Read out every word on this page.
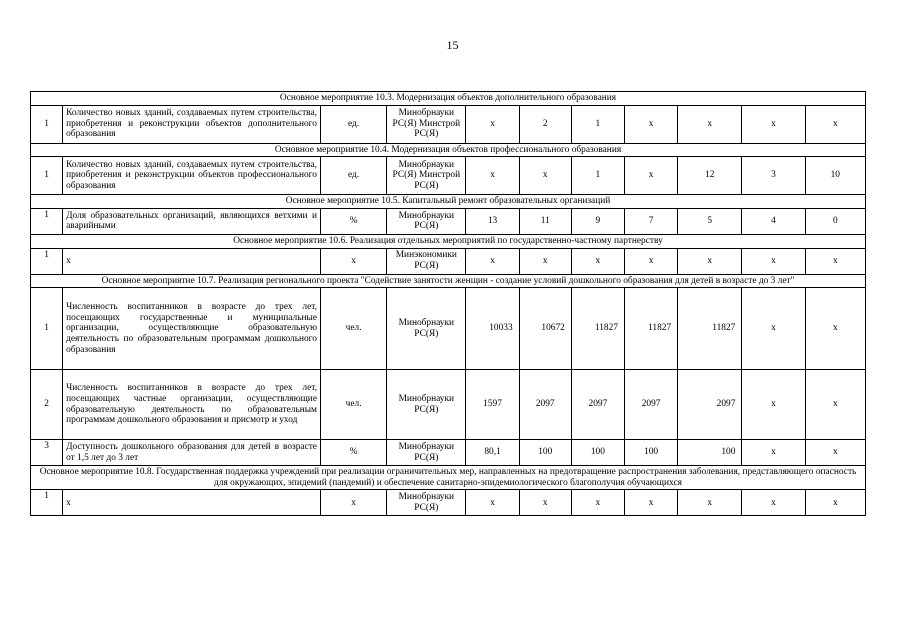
15
Основное мероприятие 10.3. Модернизация объектов дополнительного образования										
1	Количество новых зданий, создаваемых путем строительства, приобретения и реконструкции объектов дополнительного образования	ед.	Минобрнауки РС(Я) Минстрой РС(Я)	x	2	1	x	x	x	x
Основное мероприятие 10.4. Модернизация объектов профессионального образования										
1	Количество новых зданий, создаваемых путем строительства, приобретения и реконструкции объектов профессионального образования	ед.	Минобрнауки РС(Я) Минстрой РС(Я)	x	x	1	x	12	3	10
Основное мероприятие 10.5. Капитальный ремонт образовательных организаций										
1	Доля образовательных организаций, являющихся ветхими и аварийными	%	Минобрнауки РС(Я)	13	11	9	7	5	4	0
Основное мероприятие 10.6. Реализация отдельных мероприятий по государственно-частному партнерству										
1	x	x	Минэкономики РС(Я)	x	x	x	x	x	x	x
Основное мероприятие 10.7. Реализация регионального проекта "Содействие занятости женщин - создание условий дошкольного образования для детей в возрасте до 3 лет"										
1	Численность воспитанников в возрасте до трех лет, посещающих государственные и муниципальные организации, осуществляющие образовательную деятельность по образовательным программам дошкольного образования	чел.	Минобрнауки РС(Я)	10033	10672	11827	11827	11827	x	x
2	Численность воспитанников в возрасте до трех лет, посещающих частные организации, осуществляющие образовательную деятельность по образовательным программам дошкольного образования и присмотр и уход	чел.	Минобрнауки РС(Я)	1597	2097	2097	2097	2097	x	x
3	Доступность дошкольного образования для детей в возрасте от 1,5 лет до 3 лет	%	Минобрнауки РС(Я)	80,1	100	100	100	100	x	x
Основное мероприятие 10.8. Государственная поддержка учреждений при реализации ограничительных мер, направленных на предотвращение распространения заболевания, представляющего опасность для окружающих, эпидемий (пандемий) и обеспечение санитарно-эпидемиологического благополучия обучающихся										
1	x	x	Минобрнауки РС(Я)	x	x	x	x	x	x	x
